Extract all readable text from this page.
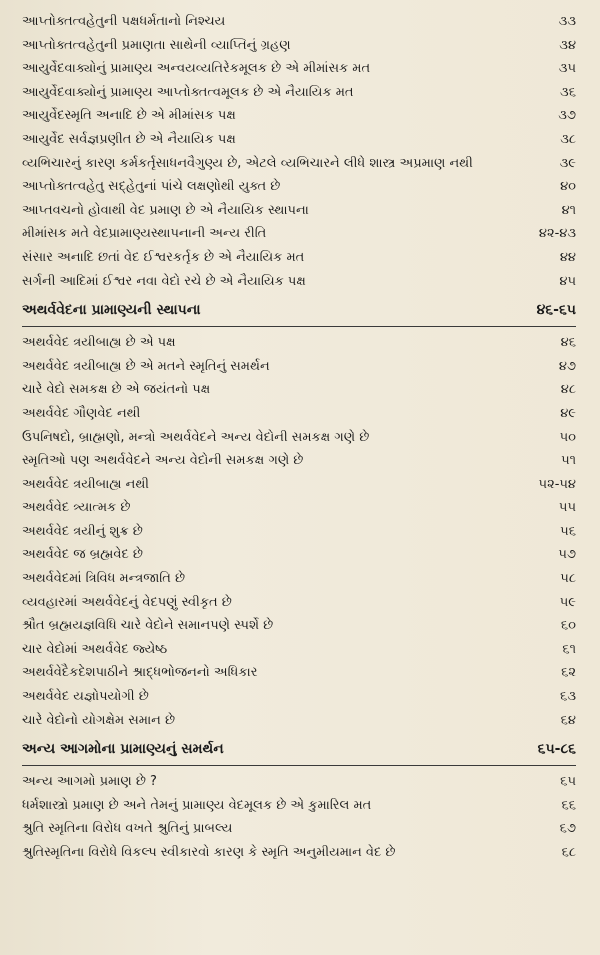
આપ્તોક્તત્વહેતુની પક્ષધર્મતાનો નિશ્ચય	૩૩
આપ્તોક્તત્વહેતુની પ્રમાણતા સાથેની વ્યાપ્તિનું ગ્રહણ	૩૪
આયુર્વેદવાક્યોનું પ્રામાણ્ય અન્વયવ્યતિરેકમૂલક છે એ મીમાંસક મત	૩૫
આયુર્વેદવાક્યોનું પ્રામાણ્ય આપ્તોક્તત્વમૂલક છે એ નૈયાયિક મત	૩૬
આયુર્વેદસ્મૃતિ અનાદિ છે એ મીમાંસક પક્ષ	૩૭
આયુર્વેદ સર્વજ્ઞપ્રણીત છે એ નૈયાયિક પક્ષ	૩૮
વ્યભિચારનું કારણ કર્મકર્તૃસાધનવૈગુણ્ય છે, એટલે વ્યભિચારને લીધે શાસ્ત્ર અપ્રમાણ નથી	૩૯
આપ્તોક્તત્વહેતુ સદ્હેતુનાં પાંચે લક્ષણોથી યુક્ત છે	૪૦
આપ્તવચનો હોવાથી વેદ પ્રમાણ છે એ નૈયાયિક સ્થાપના	૪૧
મીમાંસક મતે વેદપ્રામાણ્યસ્થાપનાની અન્ય રીતિ	૪૨-૪૩
સંસાર અનાદિ છતાં વેદ ઈશ્વરકર્તૃક છે એ નૈયાયિક મત	૪૪
સર્ગની આદિમાં ઈશ્વર નવા વેદો રચે છે એ નૈયાયિક પક્ષ	૪૫
અથર્વવેદના પ્રામાણ્યની સ્થાપના	૪૬-૬૫
અથર્વવેદ ત્રયીબાહ્ય છે એ પક્ષ	૪૬
અથર્વવેદ ત્રયીબાહ્ય છે એ મતને સ્મૃતિનું સમર્થન	૪૭
ચારે વેદો સમકક્ષ છે એ જયંતનો પક્ષ	૪૮
અથર્વવેદ ગૌણવેદ નથી	૪૯
ઉપનિષદો, બ્રાહ્મણો, મન્ત્રો અથર્વવેદને અન્ય વેદોની સમકક્ષ ગણે છે	૫૦
સ્મૃતિઓ પણ અથર્વવેદને અન્ય વેદોની સમકક્ષ ગણે છે	૫૧
અથર્વવેદ ત્રયીબાહ્ય નથી	૫૨-૫૪
અથર્વવેદ ત્ર્યાત્મક છે	૫૫
અથર્વવેદ ત્રયીનું શુક્ર છે	૫૬
અથર્વવેદ જ બ્રહ્મવેદ છે	૫૭
અથર્વવેદમાં ત્રિવિધ મન્ત્રજાતિ છે	૫૮
વ્યવહારમાં અથર્વવેદનું વેદપણું સ્વીકૃત છે	૫૯
શ્રૌત બ્રહ્મયજ્ઞવિધિ ચારે વેદોને સમાનપણે સ્પર્શે છે	૬૦
ચાર વેદોમાં અથર્વવેદ જ્યેષ્ઠ	૬૧
અથર્વવેદૈકદેશપાઠીને શ્રાદ્ધભોજનનો અધિકાર	૬૨
અથર્વવેદ યજ્ઞોપયોગી છે	૬૩
ચારે વેદોનો યોગક્ષેમ સમાન છે	૬૪
અન્ય આગમોના પ્રામાણ્યનું સમર્થન	૬૫-૮૬
અન્ય આગમો પ્રમાણ છે ?	૬૫
ધર્મશાસ્ત્રો પ્રમાણ છે અને તેમનું પ્રામાણ્ય વેદમૂલક છે એ કુમારિલ મત	૬૬
શ્રુતિ સ્મૃતિના વિરોધ વખતે શ્રુતિનું પ્રાબલ્ય	૬૭
શ્રુતિસ્મૃતિના વિરોધે વિકલ્પ સ્વીકારવો કારણ કે સ્મૃતિ અનુમીયમાન વેદ છે	૬૮
